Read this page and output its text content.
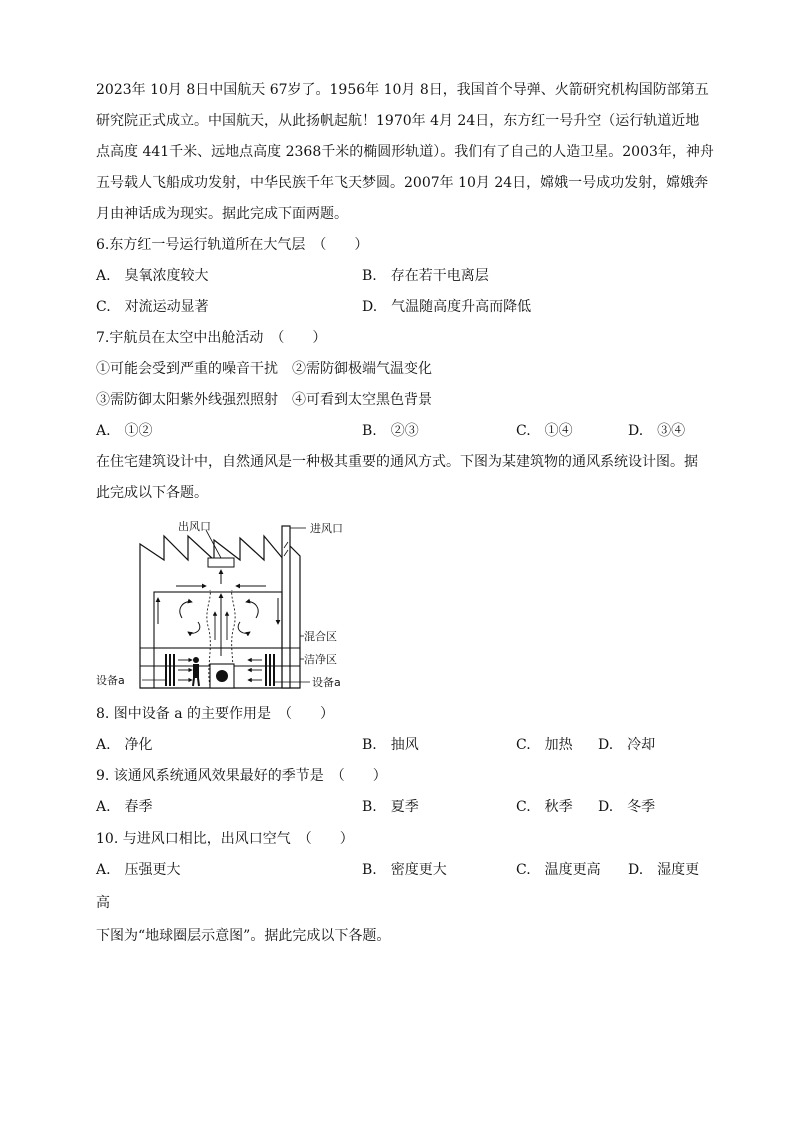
2023年 10月 8日中国航天 67岁了。1956年 10月 8日，我国首个导弹、火箭研究机构国防部第五
研究院正式成立。中国航天，从此扬帆起航！1970年 4月 24日，东方红一号升空（运行轨道近地
点高度 441千米、远地点高度 2368千米的椭圆形轨道）。我们有了自己的人造卫星。2003年，神舟
五号载人飞船成功发射，中华民族千年飞天梦圆。2007年 10月 24日，嫦娥一号成功发射，嫦娥奔
月由神话成为现实。据此完成下面两题。
6.东方红一号运行轨道所在大气层　（　　）
A.　臭氧浓度较大	B.　存在若干电离层
C.　对流运动显著	D.　气温随高度升高而降低
7.宇航员在太空中出舱活动　（　　）
①可能会受到严重的噪音干扰　②需防御极端气温变化
③需防御太阳紫外线强烈照射　④可看到太空黑色背景
A.　①②	B.　②③	C.　①④	D.　③④
在住宅建筑设计中，自然通风是一种极其重要的通风方式。下图为某建筑物的通风系统设计图。据
此完成以下各题。
进风口
出风口
混合区
洁净区
设备a	设备a
8. 图中设备 a 的主要作用是　（　　）
A.　净化	B.　抽风	C.　加热 D.　冷却
9. 该通风系统通风效果最好的季节是　（　　）
A.　春季	B.　夏季	C.　秋季 D.　冬季
10. 与进风口相比，出风口空气　（　　）
A.　压强更大	B.　密度更大	C.　温度更高 D.　湿度更
高
下图为“地球圈层示意图”。据此完成以下各题。
